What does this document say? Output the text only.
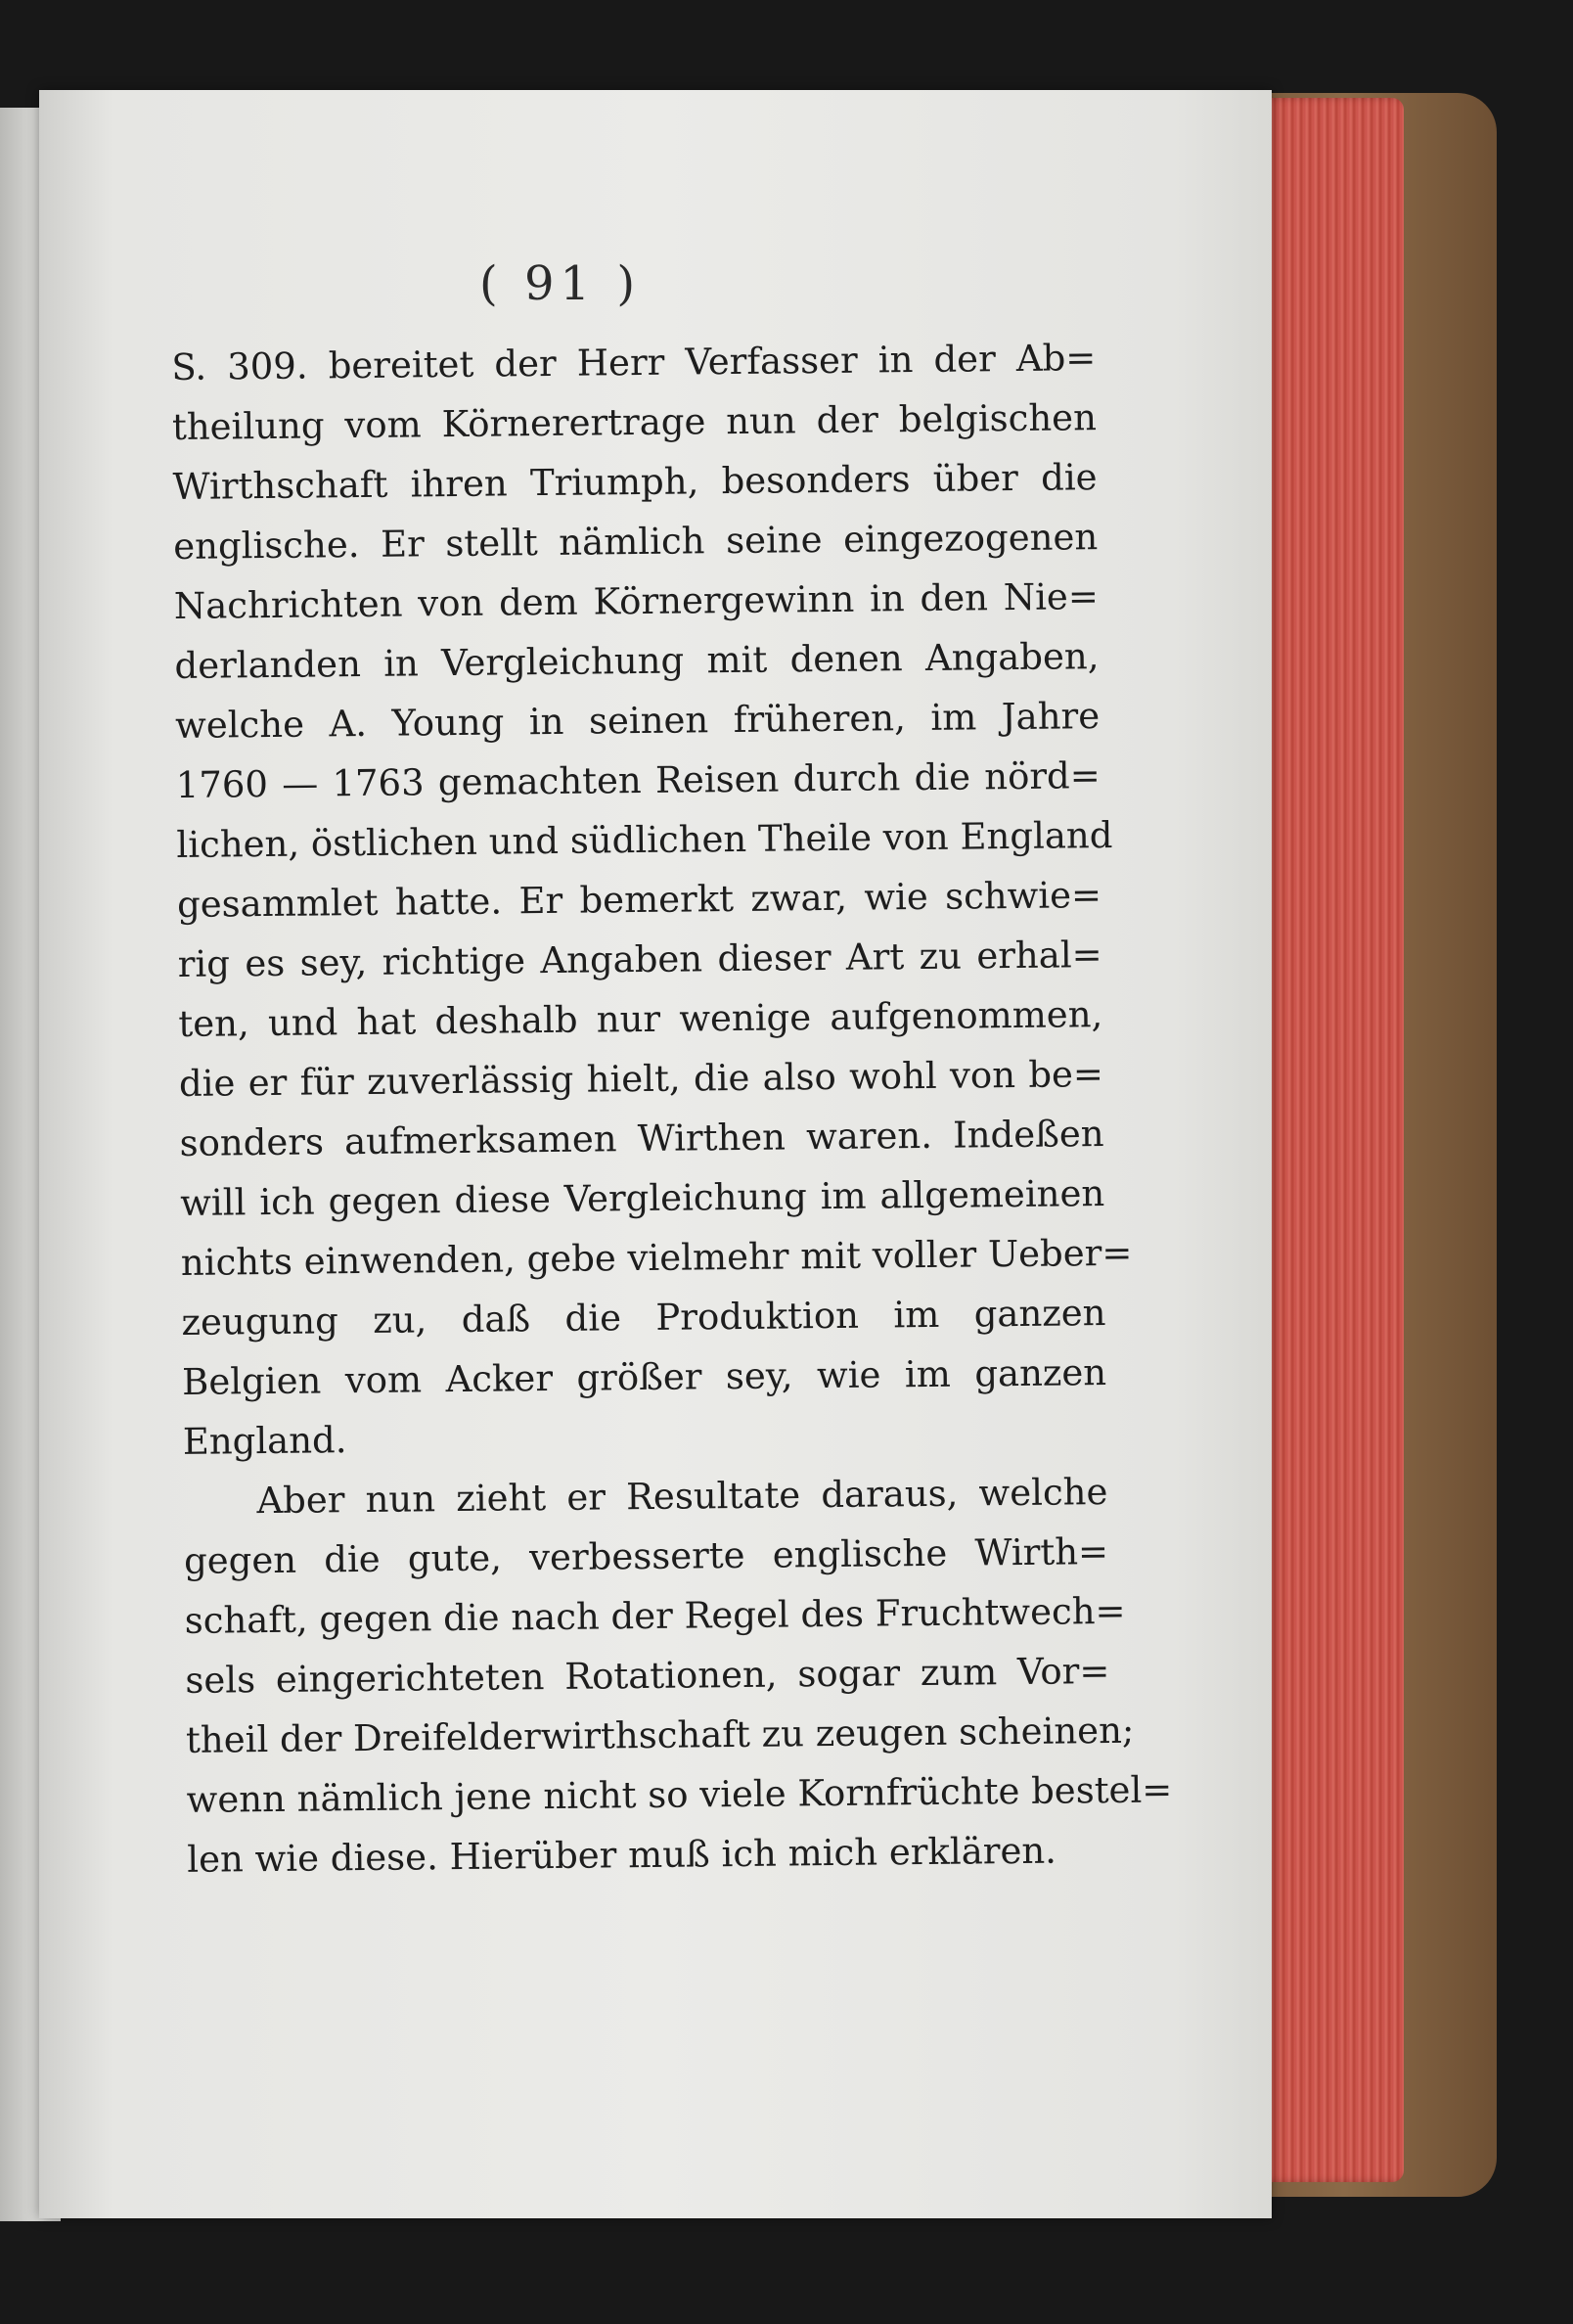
( 91 )
S. 309. bereitet der Herr Verfasser in der Ab=
theilung vom Körnerertrage nun der belgischen
Wirthschaft ihren Triumph, besonders über die
englische. Er stellt nämlich seine eingezogenen
Nachrichten von dem Körnergewinn in den Nie=
derlanden in Vergleichung mit denen Angaben,
welche A. Young in seinen früheren, im Jahre
1760 — 1763 gemachten Reisen durch die nörd=
lichen, östlichen und südlichen Theile von England
gesammlet hatte. Er bemerkt zwar, wie schwie=
rig es sey, richtige Angaben dieser Art zu erhal=
ten, und hat deshalb nur wenige aufgenommen,
die er für zuverlässig hielt, die also wohl von be=
sonders aufmerksamen Wirthen waren. Indeßen
will ich gegen diese Vergleichung im allgemeinen
nichts einwenden, gebe vielmehr mit voller Ueber=
zeugung zu, daß die Produktion im ganzen
Belgien vom Acker größer sey, wie im ganzen
England.
Aber nun zieht er Resultate daraus, welche
gegen die gute, verbesserte englische Wirth=
schaft, gegen die nach der Regel des Fruchtwech=
sels eingerichteten Rotationen, sogar zum Vor=
theil der Dreifelderwirthschaft zu zeugen scheinen;
wenn nämlich jene nicht so viele Kornfrüchte bestel=
len wie diese. Hierüber muß ich mich erklären.
